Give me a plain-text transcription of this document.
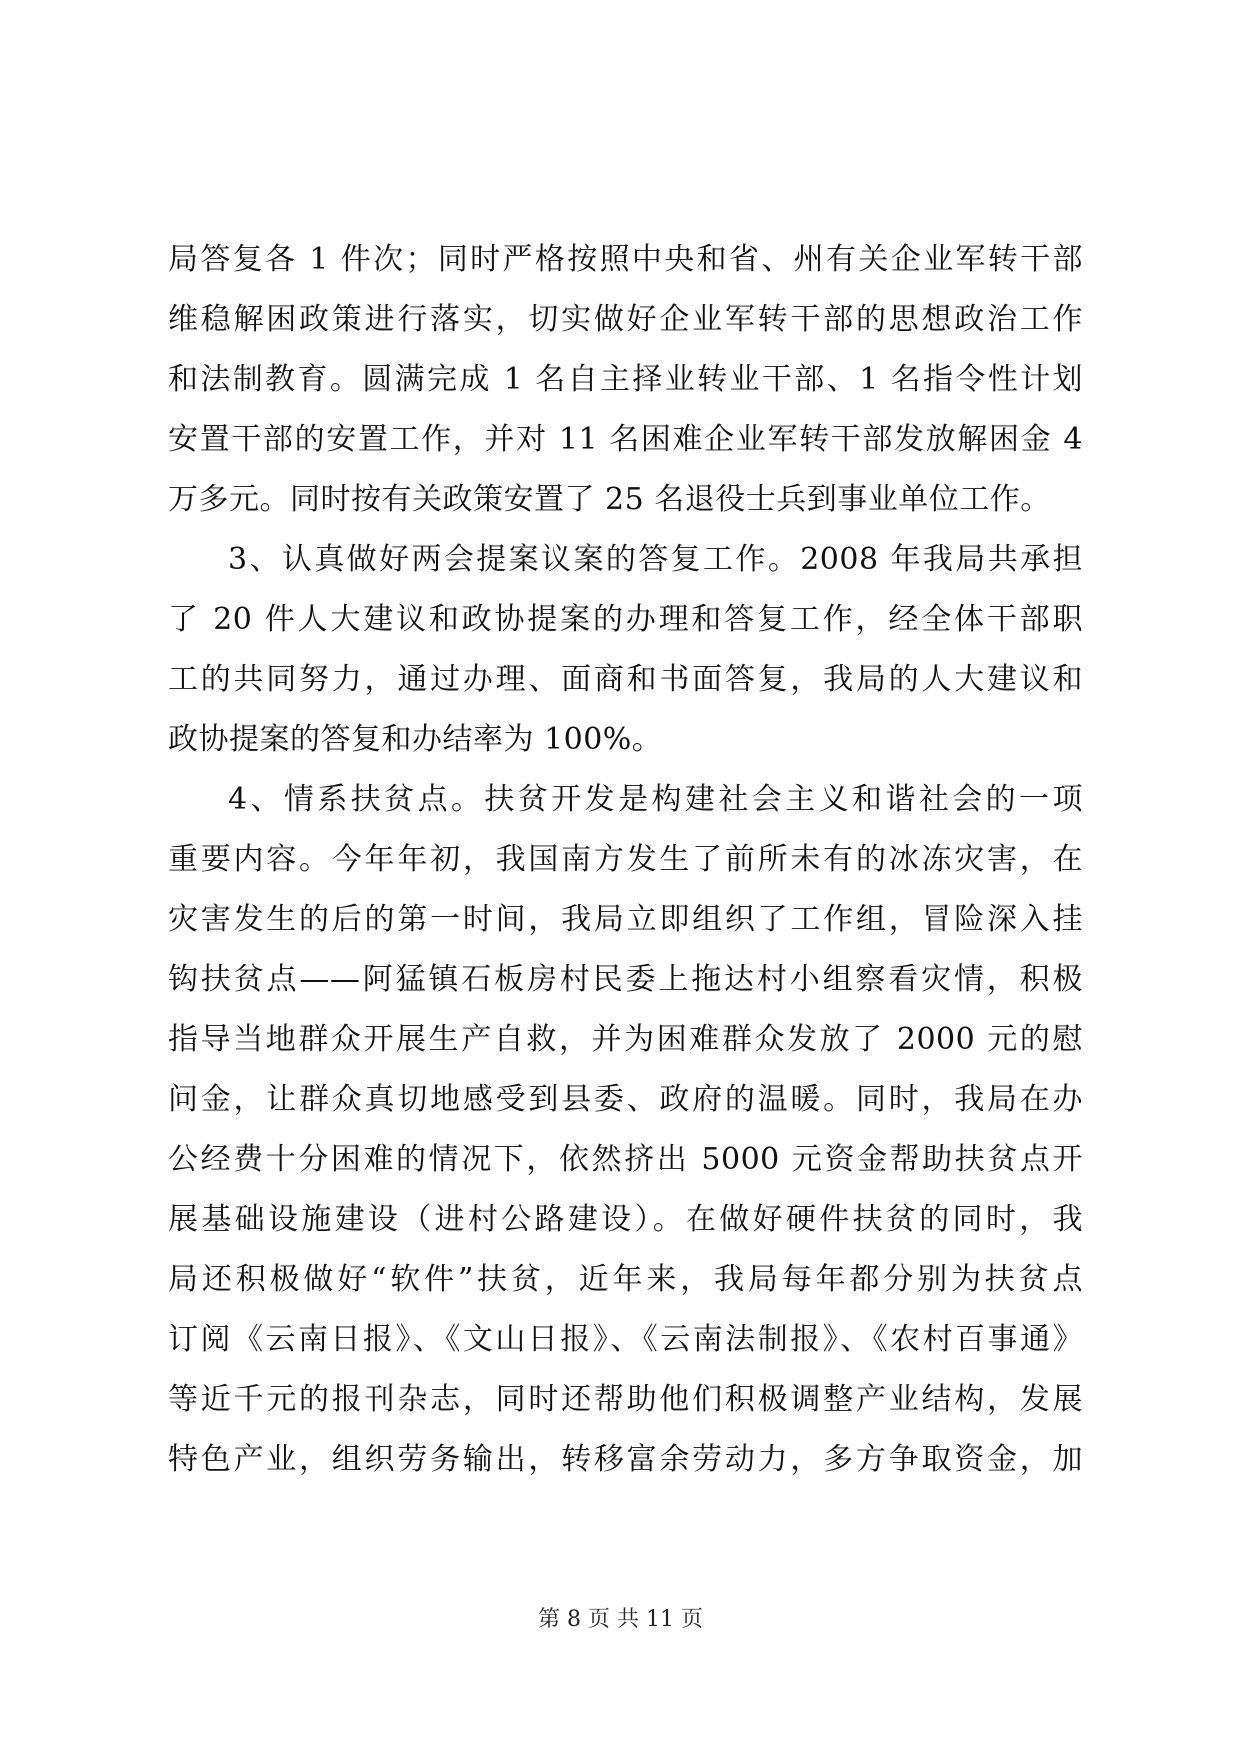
局答复各 1 件次；同时严格按照中央和省、州有关企业军转干部
维稳解困政策进行落实，切实做好企业军转干部的思想政治工作
和法制教育。圆满完成 1 名自主择业转业干部、1 名指令性计划
安置干部的安置工作，并对 11 名困难企业军转干部发放解困金 4
万多元。同时按有关政策安置了 25 名退役士兵到事业单位工作。
3、认真做好两会提案议案的答复工作。2008 年我局共承担
了 20 件人大建议和政协提案的办理和答复工作，经全体干部职
工的共同努力，通过办理、面商和书面答复，我局的人大建议和
政协提案的答复和办结率为 100%。
4、情系扶贫点。扶贫开发是构建社会主义和谐社会的一项
重要内容。今年年初，我国南方发生了前所未有的冰冻灾害，在
灾害发生的后的第一时间，我局立即组织了工作组，冒险深入挂
钩扶贫点——阿猛镇石板房村民委上拖达村小组察看灾情，积极
指导当地群众开展生产自救，并为困难群众发放了 2000 元的慰
问金，让群众真切地感受到县委、政府的温暖。同时，我局在办
公经费十分困难的情况下，依然挤出 5000 元资金帮助扶贫点开
展基础设施建设（进村公路建设）。在做好硬件扶贫的同时，我
局还积极做好“软件”扶贫，近年来，我局每年都分别为扶贫点
订阅《云南日报》、《文山日报》、《云南法制报》、《农村百事通》
等近千元的报刊杂志，同时还帮助他们积极调整产业结构，发展
特色产业，组织劳务输出，转移富余劳动力，多方争取资金，加
第 8 页 共 11 页
